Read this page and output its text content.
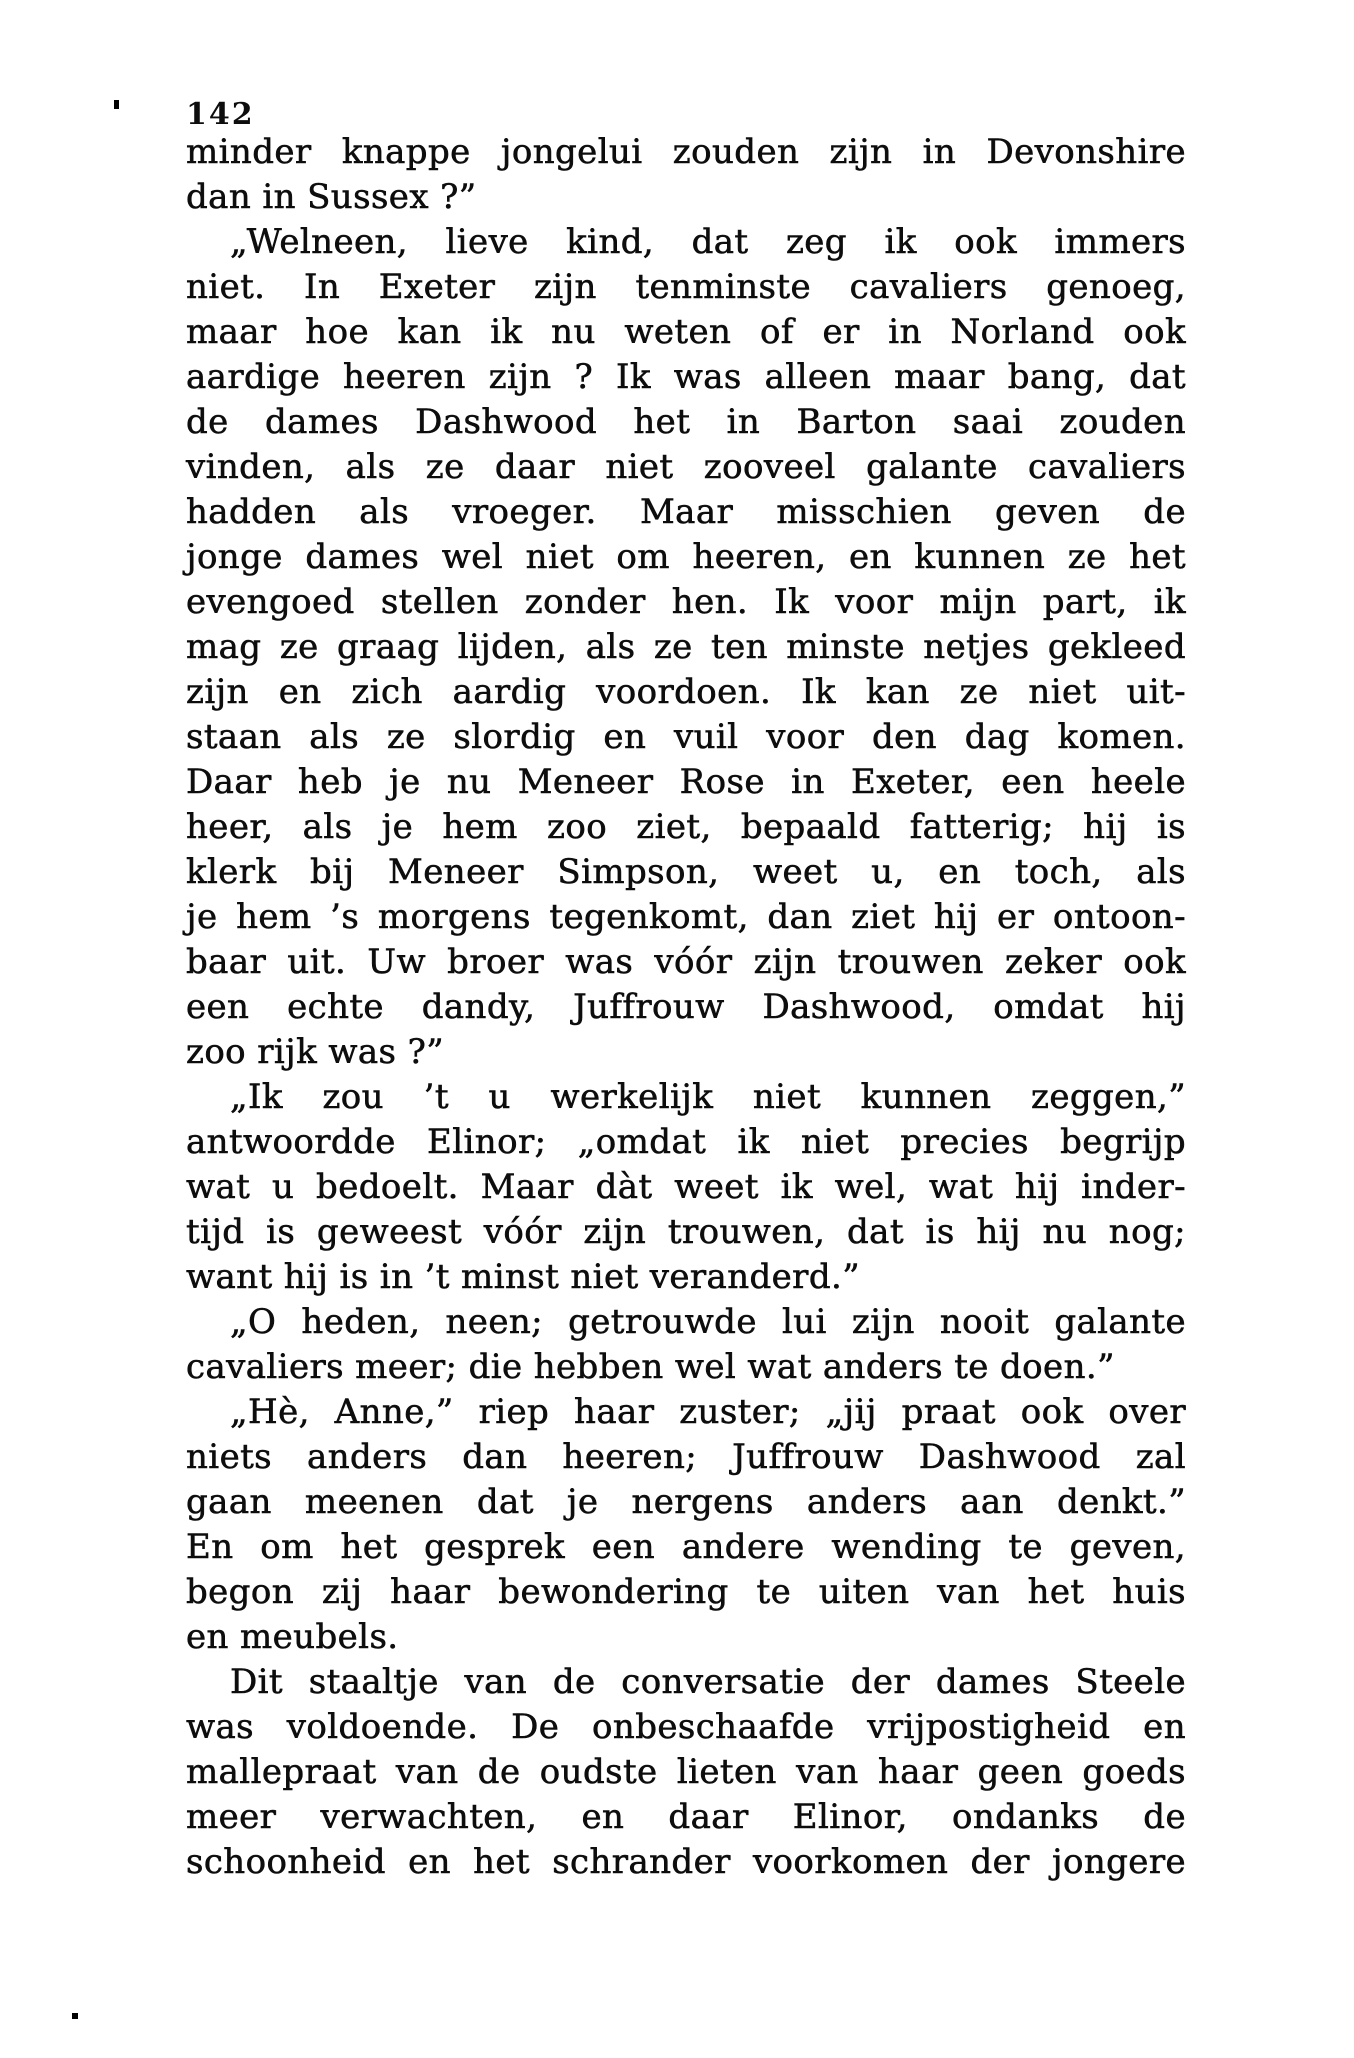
142
minder knappe jongelui zouden zijn in Devonshire
dan in Sussex ?”
„Welneen, lieve kind, dat zeg ik ook immers
niet. In Exeter zijn tenminste cavaliers genoeg,
maar hoe kan ik nu weten of er in Norland ook
aardige heeren zijn ? Ik was alleen maar bang, dat
de dames Dashwood het in Barton saai zouden
vinden, als ze daar niet zooveel galante cavaliers
hadden als vroeger. Maar misschien geven de
jonge dames wel niet om heeren, en kunnen ze het
evengoed stellen zonder hen. Ik voor mijn part, ik
mag ze graag lijden, als ze ten minste netjes gekleed
zijn en zich aardig voordoen. Ik kan ze niet uit-
staan als ze slordig en vuil voor den dag komen.
Daar heb je nu Meneer Rose in Exeter, een heele
heer, als je hem zoo ziet, bepaald fatterig; hij is
klerk bij Meneer Simpson, weet u, en toch, als
je hem ’s morgens tegenkomt, dan ziet hij er ontoon-
baar uit. Uw broer was vóór zijn trouwen zeker ook
een echte dandy, Juffrouw Dashwood, omdat hij
zoo rijk was ?”
„Ik zou ’t u werkelijk niet kunnen zeggen,”
antwoordde Elinor; „omdat ik niet precies begrijp
wat u bedoelt. Maar dàt weet ik wel, wat hij inder-
tijd is geweest vóór zijn trouwen, dat is hij nu nog;
want hij is in ’t minst niet veranderd.”
„O heden, neen; getrouwde lui zijn nooit galante
cavaliers meer; die hebben wel wat anders te doen.”
„Hè, Anne,” riep haar zuster; „jij praat ook over
niets anders dan heeren; Juffrouw Dashwood zal
gaan meenen dat je nergens anders aan denkt.”
En om het gesprek een andere wending te geven,
begon zij haar bewondering te uiten van het huis
en meubels.
Dit staaltje van de conversatie der dames Steele
was voldoende. De onbeschaafde vrijpostigheid en
mallepraat van de oudste lieten van haar geen goeds
meer verwachten, en daar Elinor, ondanks de
schoonheid en het schrander voorkomen der jongere
